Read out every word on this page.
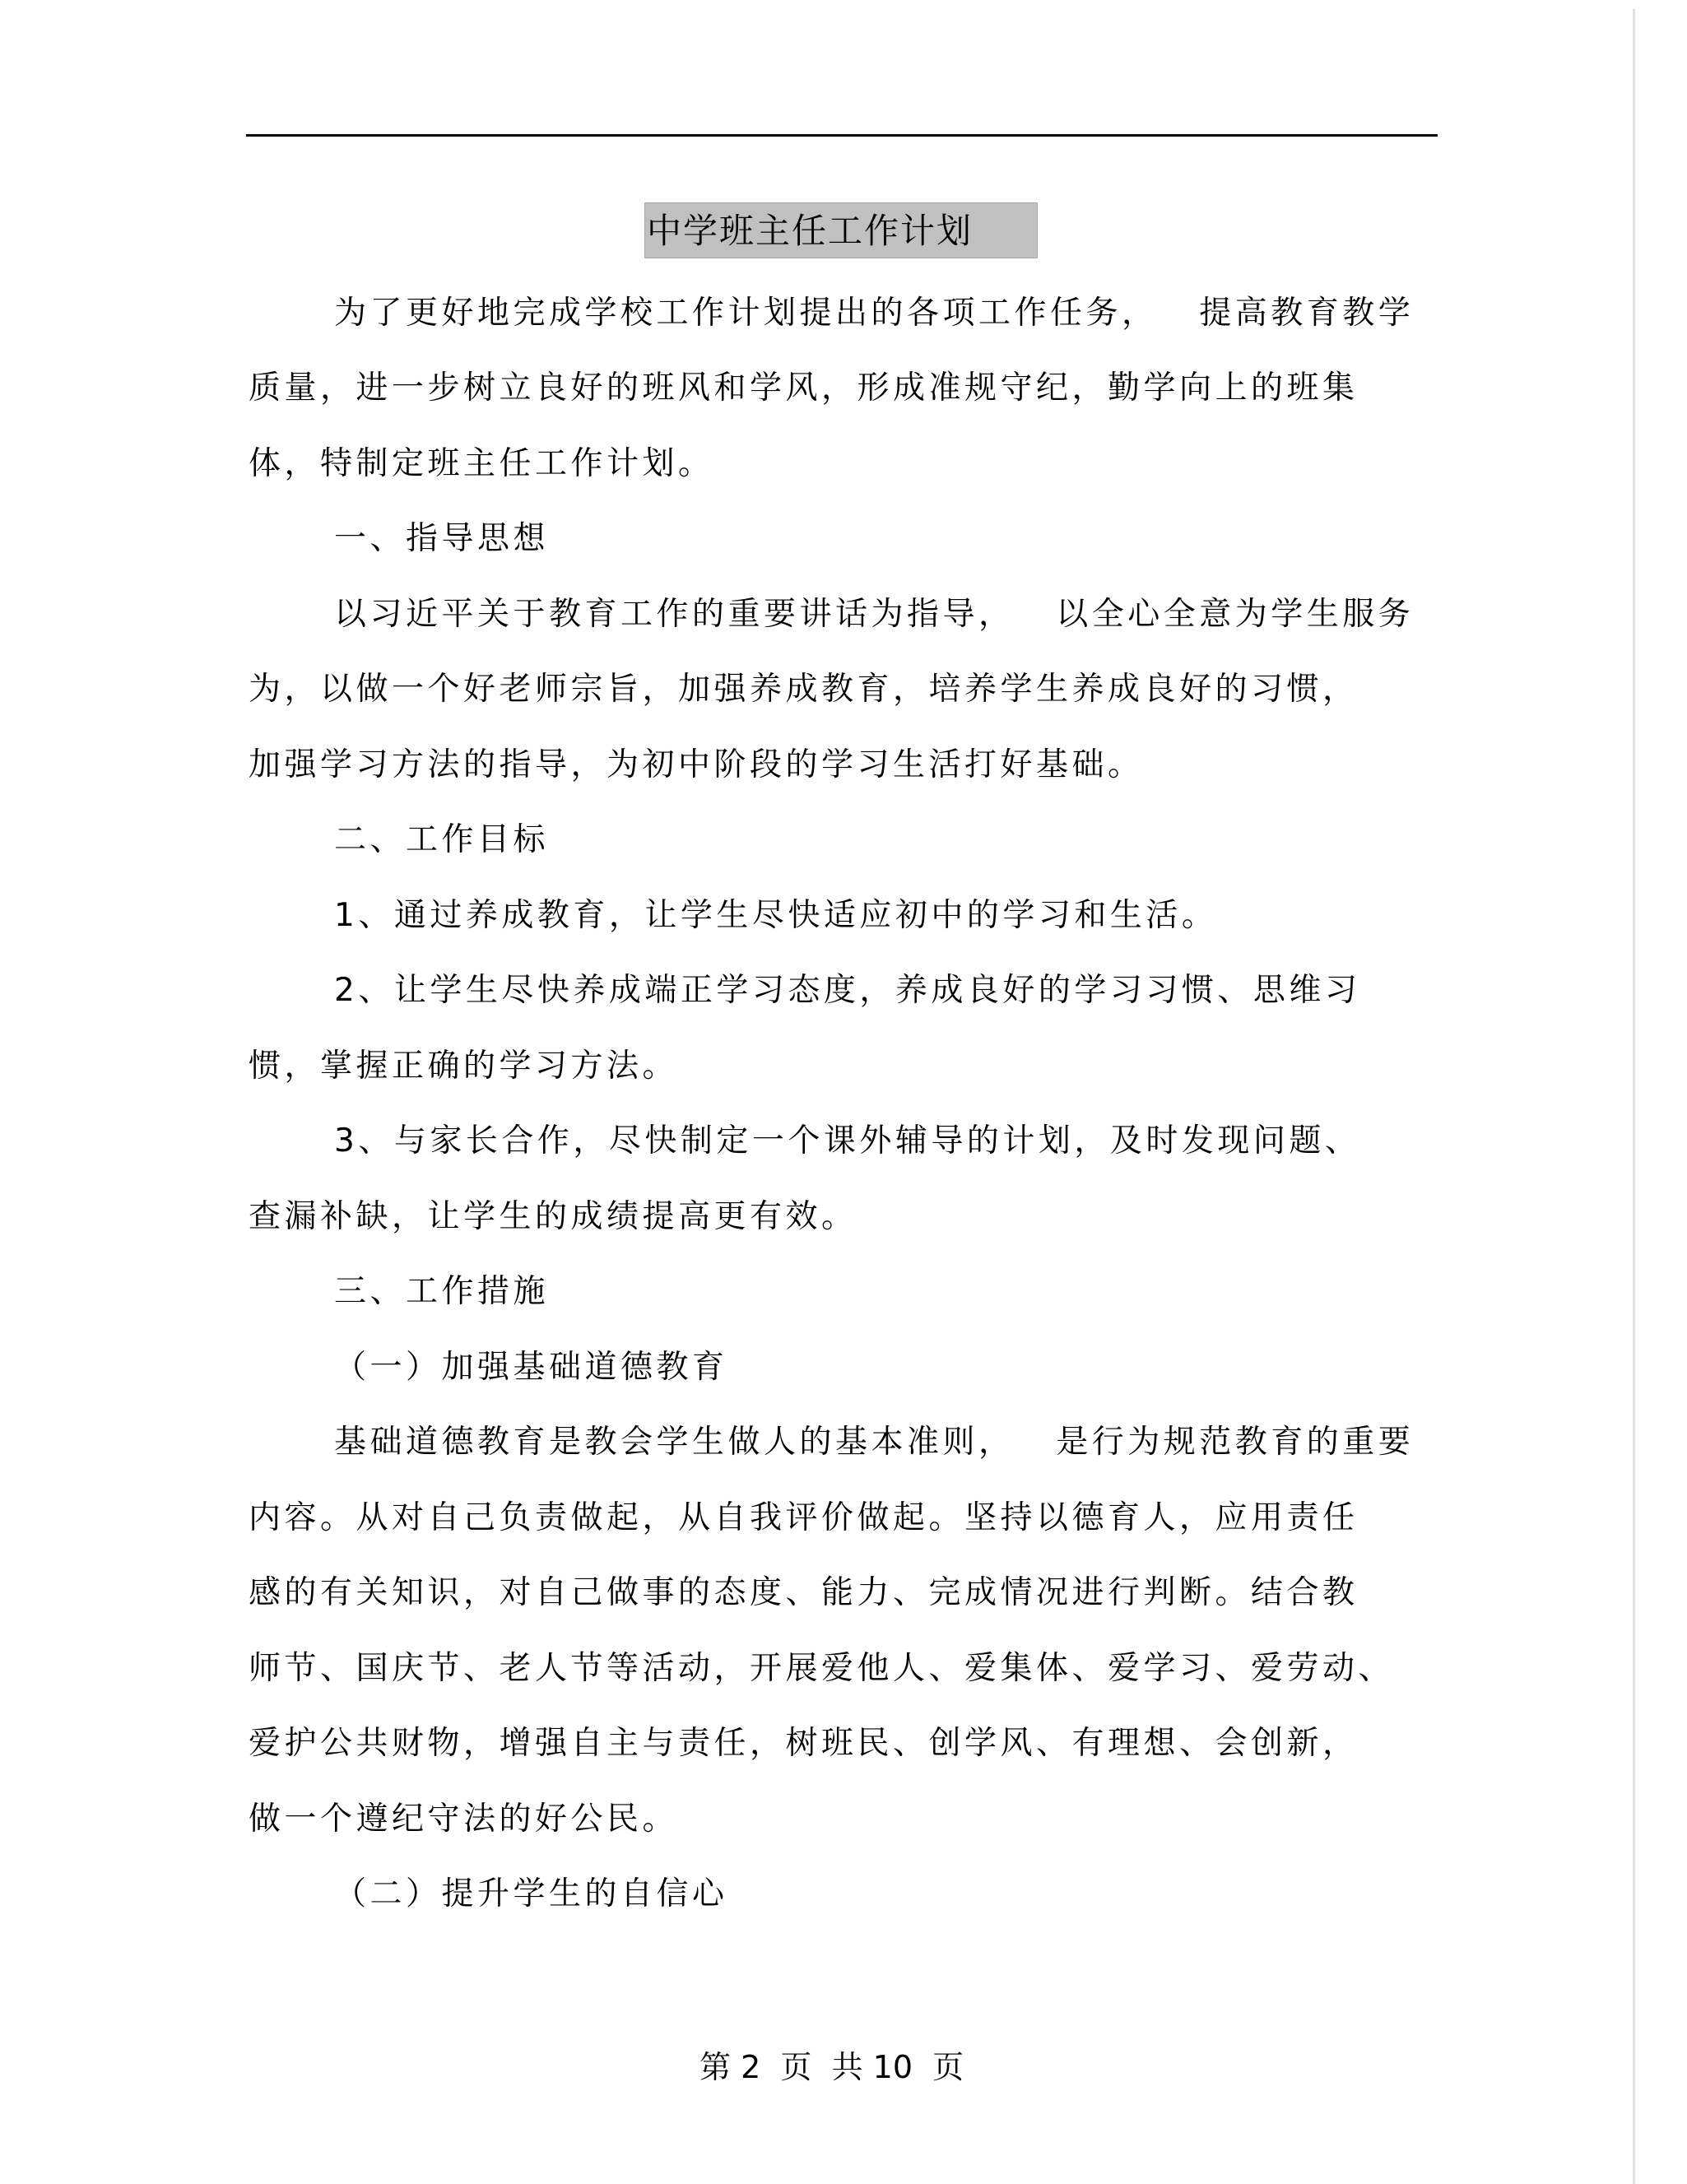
中学班主任工作计划
为了更好地完成学校工作计划提出的各项工作任务，   提高教育教学
质量，进一步树立良好的班风和学风，形成准规守纪，勤学向上的班集
体，特制定班主任工作计划。
一、指导思想
以习近平关于教育工作的重要讲话为指导，   以全心全意为学生服务
为，以做一个好老师宗旨，加强养成教育，培养学生养成良好的习惯，
加强学习方法的指导，为初中阶段的学习生活打好基础。
二、工作目标
1、通过养成教育，让学生尽快适应初中的学习和生活。
2、让学生尽快养成端正学习态度，养成良好的学习习惯、思维习
惯，掌握正确的学习方法。
3、与家长合作，尽快制定一个课外辅导的计划，及时发现问题、
查漏补缺，让学生的成绩提高更有效。
三、工作措施
（一）加强基础道德教育
基础道德教育是教会学生做人的基本准则，   是行为规范教育的重要
内容。从对自己负责做起，从自我评价做起。坚持以德育人，应用责任
感的有关知识，对自己做事的态度、能力、完成情况进行判断。结合教
师节、国庆节、老人节等活动，开展爱他人、爱集体、爱学习、爱劳动、
爱护公共财物，增强自主与责任，树班民、创学风、有理想、会创新，
做一个遵纪守法的好公民。
（二）提升学生的自信心
第 2  页  共 10  页
